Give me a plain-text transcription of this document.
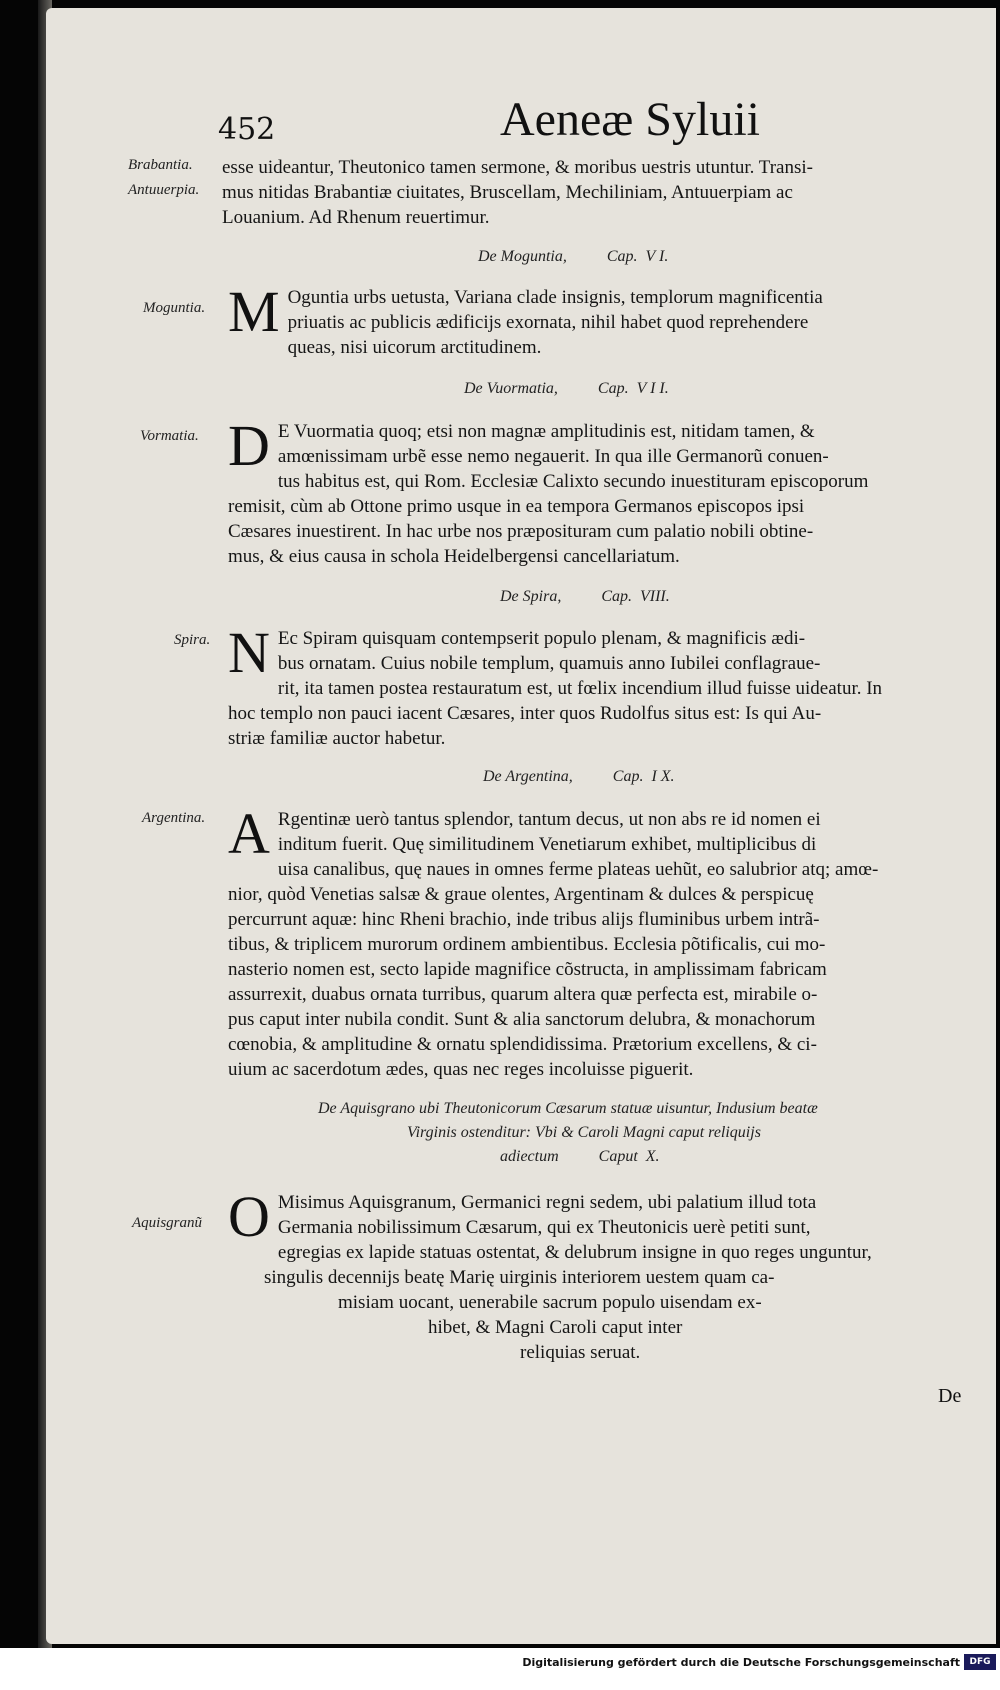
452	Aeneæ Syluii
Brabantia.
Antuuerpia.
Moguntia.
Vormatia.
Spira.
Argentina.
Aquisgranũ

esse uideantur, Theutonico tamen sermone, & moribus uestris utuntur. Transi-

mus nitidas Brabantiæ ciuitates, Bruscellam, Mechiliniam, Antuuerpiam ac

Louanium. Ad Rhenum reuertimur.

De Moguntia,          Cap.  V I.
M Oguntia urbs uetusta, Variana clade insignis, templorum magnificentia

priuatis ac publicis ædificijs exornata, nihil habet quod reprehendere

queas, nisi uicorum arctitudinem.

De Vuormatia,          Cap.  V I I.
D E Vuormatia quoq; etsi non magnæ amplitudinis est, nitidam tamen, &

amœnissimam urbẽ esse nemo negauerit. In qua ille Germanorũ conuen-

tus habitus est, qui Rom. Ecclesiæ Calixto secundo inuestituram episcoporum

remisit, cùm ab Ottone primo usque in ea tempora Germanos episcopos ipsi

Cæsares inuestirent. In hac urbe nos præposituram cum palatio nobili obtine-

mus, & eius causa in schola Heidelbergensi cancellariatum.

De Spira,          Cap.  VIII.
N Ec Spiram quisquam contempserit populo plenam, & magnificis ædi-

bus ornatam. Cuius nobile templum, quamuis anno Iubilei conflagraue-

rit, ita tamen postea restauratum est, ut fœlix incendium illud fuisse uideatur. In

hoc templo non pauci iacent Cæsares, inter quos Rudolfus situs est: Is qui Au-

striæ familiæ auctor habetur.

De Argentina,          Cap.  I X.
A Rgentinæ uerò tantus splendor, tantum decus, ut non abs re id nomen ei

inditum fuerit. Quę similitudinem Venetiarum exhibet, multiplicibus di

uisa canalibus, quę naues in omnes ferme plateas uehũt, eo salubrior atq; amœ-

nior, quòd Venetias salsæ & graue olentes, Argentinam & dulces & perspicuę

percurrunt aquæ: hinc Rheni brachio, inde tribus alijs fluminibus urbem intrã-

tibus, & triplicem murorum ordinem ambientibus. Ecclesia põtificalis, cui mo-

nasterio nomen est, secto lapide magnifice cõstructa, in amplissimam fabricam

assurrexit, duabus ornata turribus, quarum altera quæ perfecta est, mirabile o-

pus caput inter nubila condit. Sunt & alia sanctorum delubra, & monachorum

cœnobia, & amplitudine & ornatu splendidissima. Prætorium excellens, & ci-

uium ac sacerdotum ædes, quas nec reges incoluisse piguerit.

De Aquisgrano ubi Theutonicorum Cæsarum statuæ uisuntur, Indusium beatæ
Virginis ostenditur: Vbi & Caroli Magni caput reliquijs
adiectum          Caput  X.
O Misimus Aquisgranum, Germanici regni sedem, ubi palatium illud tota

Germania nobilissimum Cæsarum, qui ex Theutonicis uerè petiti sunt,

egregias ex lapide statuas ostentat, & delubrum insigne in quo reges unguntur,

singulis decennijs beatę Marię uirginis interiorem uestem quam ca-

misiam uocant, uenerabile sacrum populo uisendam ex-

hibet, & Magni Caroli caput inter

reliquias seruat.

De
Digitalisierung gefördert durch die Deutsche Forschungsgemeinschaft	DFG
